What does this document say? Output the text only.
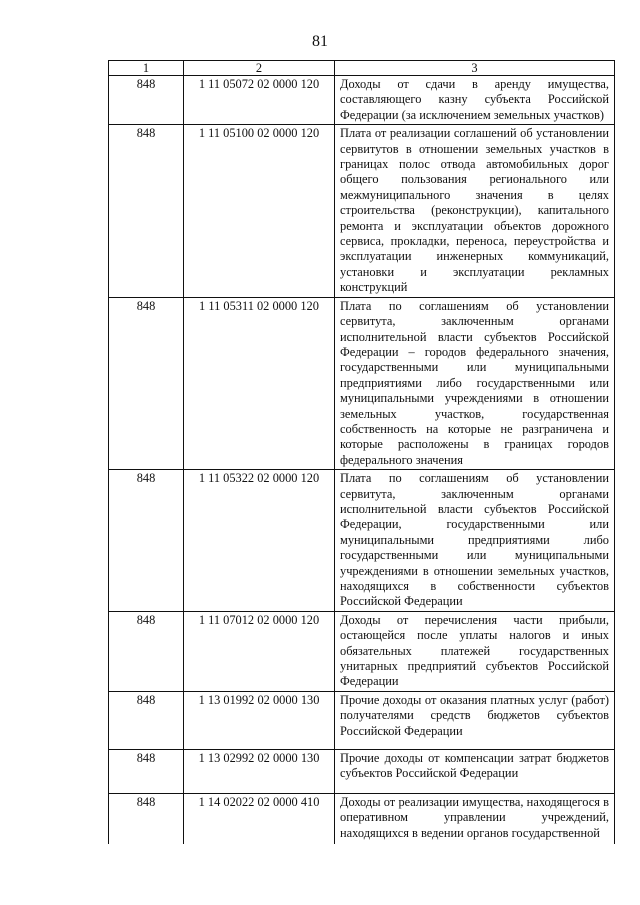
81
1	2	3
848	1 11 05072 02 0000 120	Доходы от сдачи в аренду имущества, составляющего казну субъекта Российской Федерации (за исключением земельных участков)
848	1 11 05100 02 0000 120	Плата от реализации соглашений об установлении сервитутов в отношении земельных участков в границах полос отвода автомобильных дорог общего пользования регионального или межмуниципального значения в целях строительства (реконструкции), капитального ремонта и эксплуатации объектов дорожного сервиса, прокладки, переноса, переустройства и эксплуатации инженерных коммуникаций, установки и эксплуатации рекламных конструкций
848	1 11 05311 02 0000 120	Плата по соглашениям об установлении сервитута, заключенным органами исполнительной власти субъектов Российской Федерации – городов федерального значения, государственными или муниципальными предприятиями либо государственными или муниципальными учреждениями в отношении земельных участков, государственная собственность на которые не разграничена и которые расположены в границах городов федерального значения
848	1 11 05322 02 0000 120	Плата по соглашениям об установлении сервитута, заключенным органами исполнительной власти субъектов Российской Федерации, государственными или муниципальными предприятиями либо государственными или муниципальными учреждениями в отношении земельных участков, находящихся в собственности субъектов Российской Федерации
848	1 11 07012 02 0000 120	Доходы от перечисления части прибыли, остающейся после уплаты налогов и иных обязательных платежей государственных унитарных предприятий субъектов Российской Федерации
848	1 13 01992 02 0000 130	Прочие доходы от оказания платных услуг (работ) получателями средств бюджетов субъектов Российской Федерации
848	1 13 02992 02 0000 130	Прочие доходы от компенсации затрат бюджетов субъектов Российской Федерации
848	1 14 02022 02 0000 410	Доходы от реализации имущества, находящегося в оперативном управлении учреждений, находящихся в ведении органов государственной
